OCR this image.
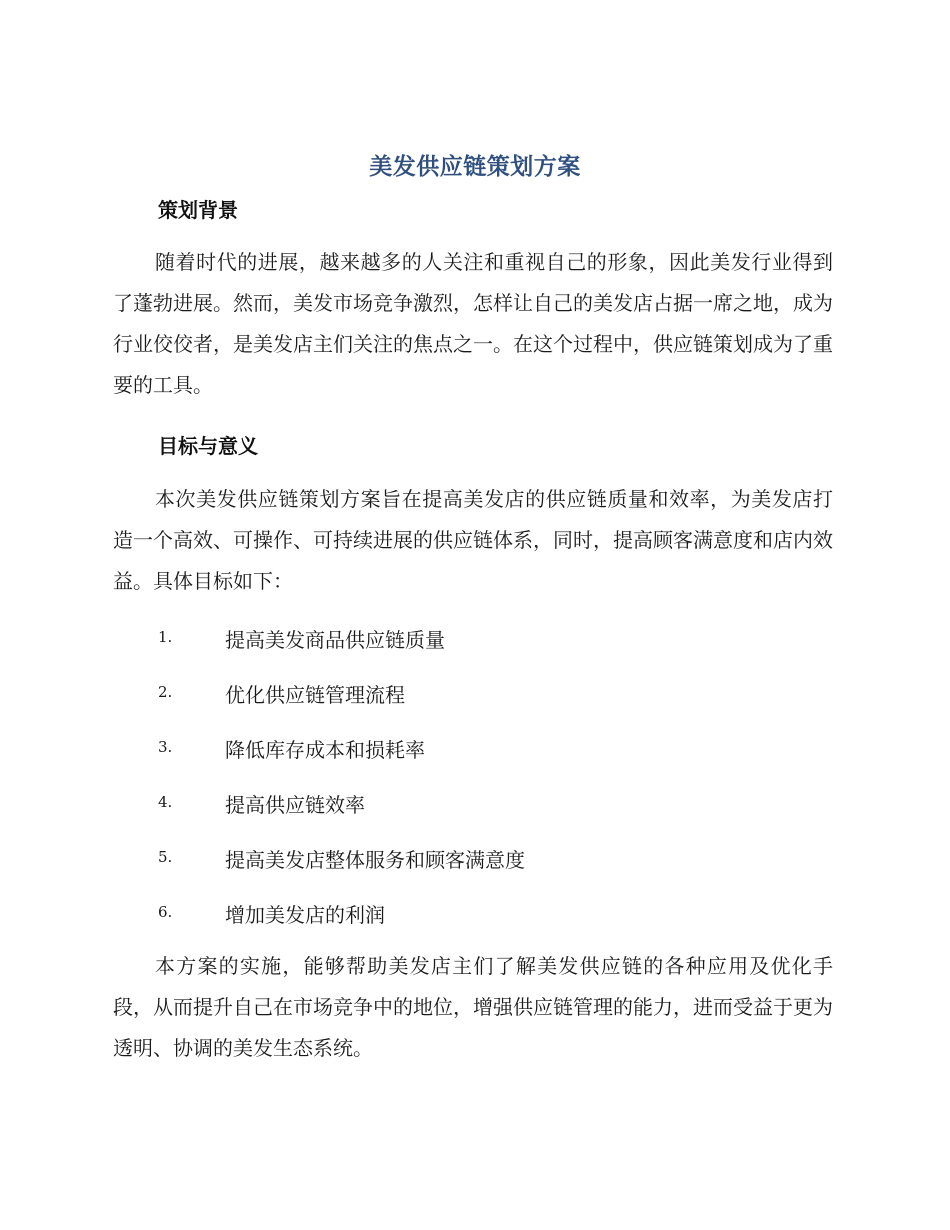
美发供应链策划方案
策划背景
随着时代的进展，越来越多的人关注和重视自己的形象，因此美发行业得到了蓬勃进展。然而，美发市场竞争激烈，怎样让自己的美发店占据一席之地，成为行业佼佼者，是美发店主们关注的焦点之一。在这个过程中，供应链策划成为了重要的工具。
目标与意义
本次美发供应链策划方案旨在提高美发店的供应链质量和效率，为美发店打造一个高效、可操作、可持续进展的供应链体系，同时，提高顾客满意度和店内效益。具体目标如下：
1.	提高美发商品供应链质量
2.	优化供应链管理流程
3.	降低库存成本和损耗率
4.	提高供应链效率
5.	提高美发店整体服务和顾客满意度
6.	增加美发店的利润
本方案的实施，能够帮助美发店主们了解美发供应链的各种应用及优化手段，从而提升自己在市场竞争中的地位，增强供应链管理的能力，进而受益于更为透明、协调的美发生态系统。
